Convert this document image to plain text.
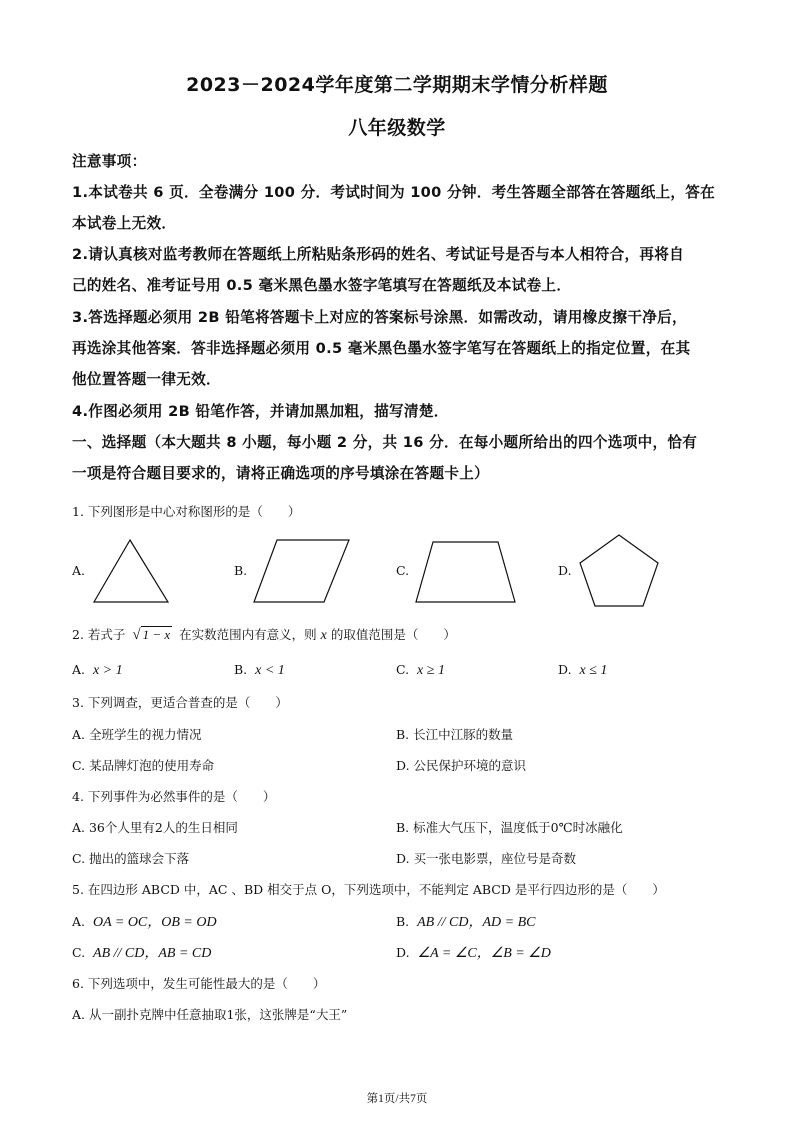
2023－2024学年度第二学期期末学情分析样题
八年级数学
注意事项：
1.本试卷共 6 页．全卷满分 100 分．考试时间为 100 分钟．考生答题全部答在答题纸上，答在
本试卷上无效．
2.请认真核对监考教师在答题纸上所粘贴条形码的姓名、考试证号是否与本人相符合，再将自
己的姓名、准考证号用 0.5 毫米黑色墨水签字笔填写在答题纸及本试卷上．
3.答选择题必须用 2B 铅笔将答题卡上对应的答案标号涂黑．如需改动，请用橡皮擦干净后，
再选涂其他答案．答非选择题必须用 0.5 毫米黑色墨水签字笔写在答题纸上的指定位置，在其
他位置答题一律无效．
4.作图必须用 2B 铅笔作答，并请加黑加粗，描写清楚．
一、选择题（本大题共 8 小题，每小题 2 分，共 16 分．在每小题所给出的四个选项中，恰有
一项是符合题目要求的，请将正确选项的序号填涂在答题卡上）
1. 下列图形是中心对称图形的是（　　）
A.	B.	C.	D.
2. 若式子 √ 1 − x 在实数范围内有意义，则 x 的取值范围是（　　）
A. x > 1	B. x < 1	C. x ≥ 1	D. x ≤ 1
3. 下列调查，更适合普查的是（　　）
A. 全班学生的视力情况	B. 长江中江豚的数量
C. 某品牌灯泡的使用寿命	D. 公民保护环境的意识
4. 下列事件为必然事件的是（　　）
A. 36个人里有2人的生日相同	B. 标准大气压下，温度低于0℃时冰融化
C. 抛出的篮球会下落	D. 买一张电影票，座位号是奇数
5. 在四边形 ABCD 中，AC 、BD 相交于点 O，下列选项中，不能判定 ABCD 是平行四边形的是（　　）
A. OA = OC，OB = OD	B. AB // CD，AD = BC
C. AB // CD，AB = CD	D. ∠A = ∠C，∠B = ∠D
6. 下列选项中，发生可能性最大的是（　　）
A. 从一副扑克牌中任意抽取1张，这张牌是“大王”
第1页/共7页
